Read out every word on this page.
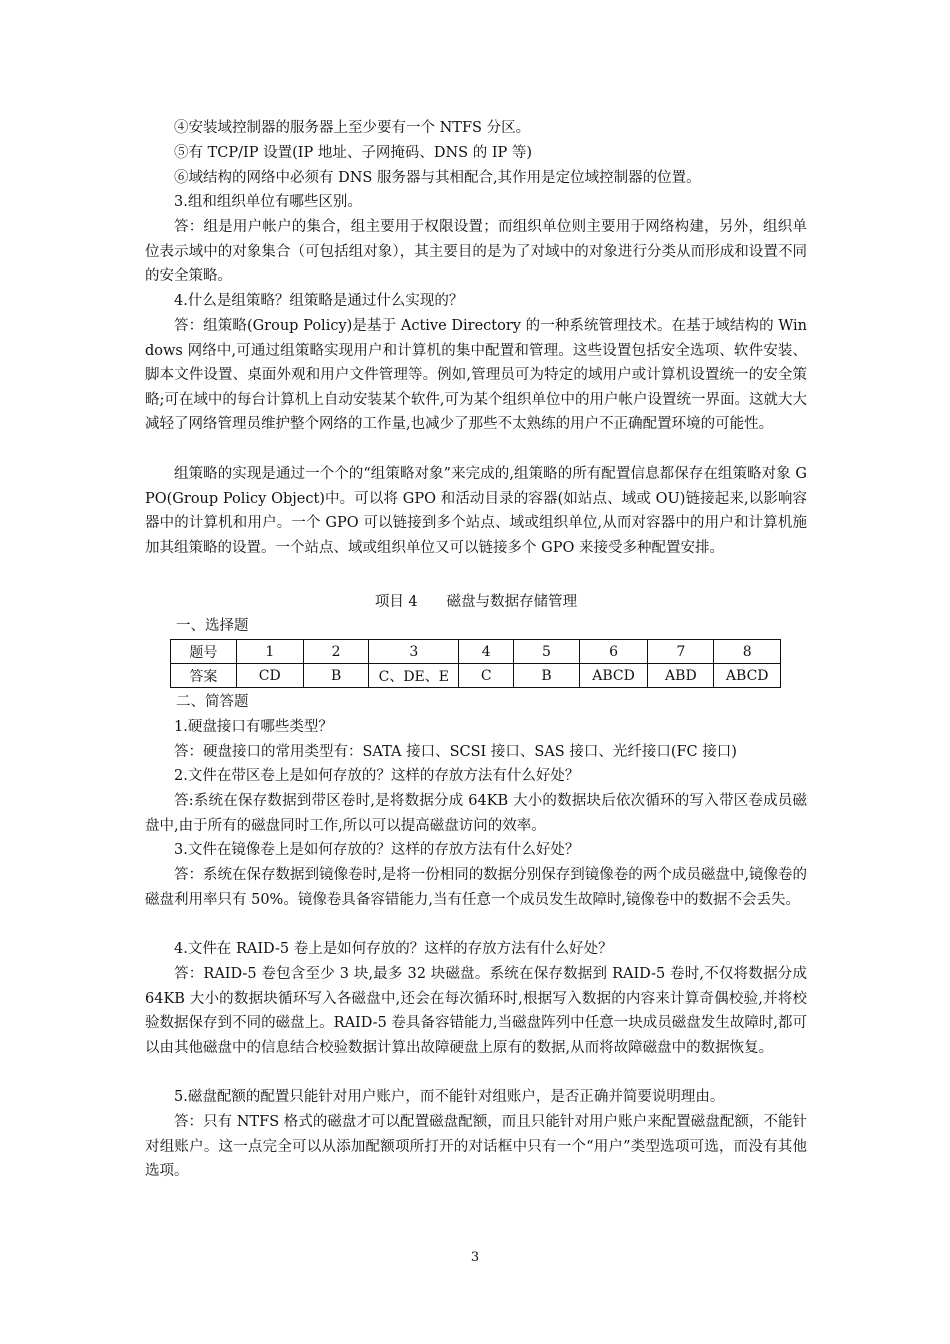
④安装域控制器的服务器上至少要有一个 NTFS 分区。
⑤有 TCP/IP 设置(IP 地址、子网掩码、DNS 的 IP 等)
⑥域结构的网络中必须有 DNS 服务器与其相配合,其作用是定位域控制器的位置。
3.组和组织单位有哪些区别。
答：组是用户帐户的集合，组主要用于权限设置；而组织单位则主要用于网络构建，另外，组织单位表示域中的对象集合（可包括组对象），其主要目的是为了对域中的对象进行分类从而形成和设置不同的安全策略。
4.什么是组策略？组策略是通过什么实现的？
答：组策略(Group Policy)是基于 Active Directory 的一种系统管理技术。在基于域结构的 Windows 网络中,可通过组策略实现用户和计算机的集中配置和管理。这些设置包括安全选项、软件安装、脚本文件设置、桌面外观和用户文件管理等。例如,管理员可为特定的域用户或计算机设置统一的安全策略;可在域中的每台计算机上自动安装某个软件,可为某个组织单位中的用户帐户设置统一界面。这就大大减轻了网络管理员维护整个网络的工作量,也减少了那些不太熟练的用户不正确配置环境的可能性。
组策略的实现是通过一个个的“组策略对象”来完成的,组策略的所有配置信息都保存在组策略对象 GPO(Group Policy Object)中。可以将 GPO 和活动目录的容器(如站点、域或 OU)链接起来,以影响容器中的计算机和用户。一个 GPO 可以链接到多个站点、域或组织单位,从而对容器中的用户和计算机施加其组策略的设置。一个站点、域或组织单位又可以链接多个 GPO 来接受多种配置安排。
项目 4　　磁盘与数据存储管理
一、选择题
题号	1	2	3	4	5	6	7	8
答案	CD	B	C、DE、E	C	B	ABCD	ABD	ABCD
二、简答题
1.硬盘接口有哪些类型？
答：硬盘接口的常用类型有：SATA 接口、SCSI 接口、SAS 接口、光纤接口(FC 接口)
2.文件在带区卷上是如何存放的？这样的存放方法有什么好处？
答:系统在保存数据到带区卷时,是将数据分成 64KB 大小的数据块后依次循环的写入带区卷成员磁盘中,由于所有的磁盘同时工作,所以可以提高磁盘访问的效率。
3.文件在镜像卷上是如何存放的？这样的存放方法有什么好处？
答：系统在保存数据到镜像卷时,是将一份相同的数据分别保存到镜像卷的两个成员磁盘中,镜像卷的磁盘利用率只有 50%。镜像卷具备容错能力,当有任意一个成员发生故障时,镜像卷中的数据不会丢失。
4.文件在 RAID-5 卷上是如何存放的？这样的存放方法有什么好处？
答：RAID-5 卷包含至少 3 块,最多 32 块磁盘。系统在保存数据到 RAID-5 卷时,不仅将数据分成 64KB 大小的数据块循环写入各磁盘中,还会在每次循环时,根据写入数据的内容来计算奇偶校验,并将校验数据保存到不同的磁盘上。RAID-5 卷具备容错能力,当磁盘阵列中任意一块成员磁盘发生故障时,都可以由其他磁盘中的信息结合校验数据计算出故障硬盘上原有的数据,从而将故障磁盘中的数据恢复。
5.磁盘配额的配置只能针对用户账户，而不能针对组账户，是否正确并简要说明理由。
答：只有 NTFS 格式的磁盘才可以配置磁盘配额，而且只能针对用户账户来配置磁盘配额，不能针对组账户。这一点完全可以从添加配额项所打开的对话框中只有一个“用户”类型选项可选，而没有其他选项。
3
